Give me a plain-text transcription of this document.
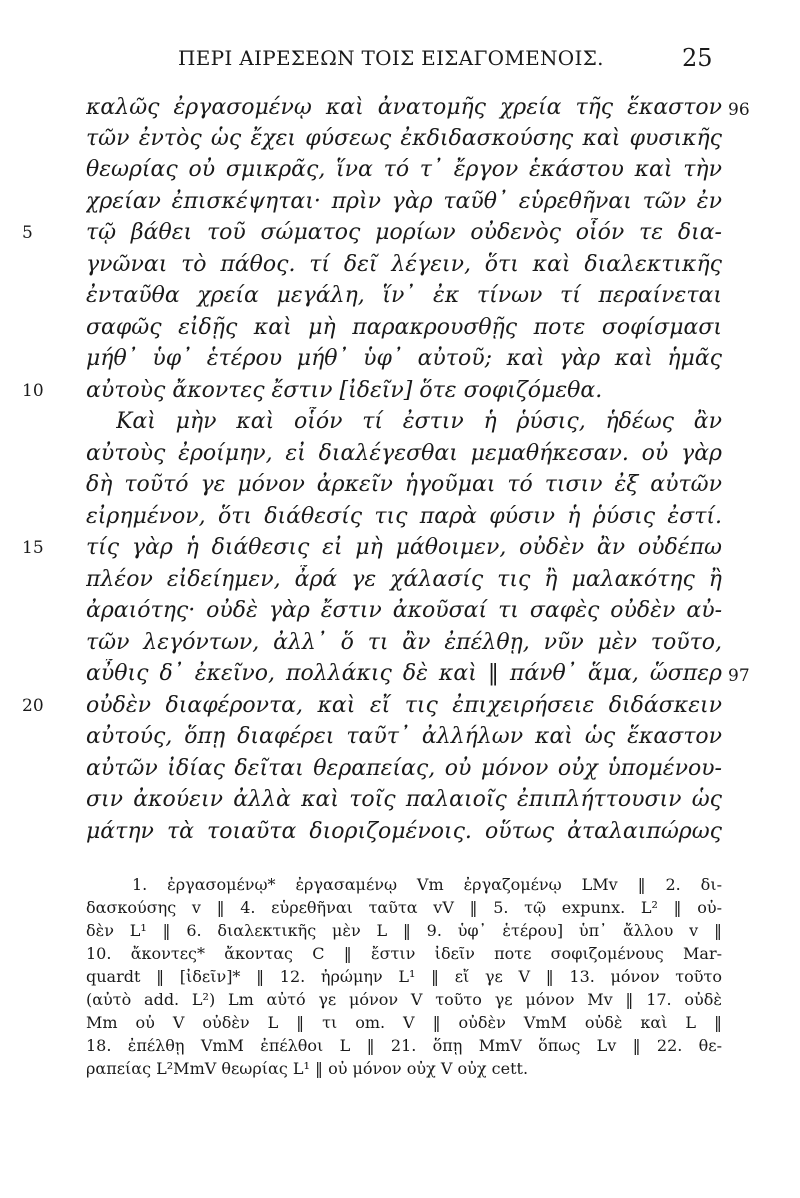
ΠΕΡΙ ΑΙΡΕΣΕΩΝ ΤΟΙΣ ΕΙΣΑΓΟΜΕΝΟΙΣ.	25
καλῶς ἐργασομένῳ καὶ ἀνατομῆς χρεία τῆς ἕκαστον
τῶν ἐντὸς ὡς ἔχει φύσεως ἐκδιδασκούσης καὶ φυσικῆς
θεωρίας οὐ σμικρᾶς, ἵνα τό τ᾽ ἔργον ἑκάστου καὶ τὴν
χρείαν ἐπισκέψηται· πρὶν γὰρ ταῦθ᾽ εὑρεθῆναι τῶν ἐν
τῷ βάθει τοῦ σώματος μορίων οὐδενὸς οἷόν τε δια-
γνῶναι τὸ πάθος. τί δεῖ λέγειν, ὅτι καὶ διαλεκτικῆς
ἐνταῦθα χρεία μεγάλη, ἵν᾽ ἐκ τίνων τί περαίνεται
σαφῶς εἰδῇς καὶ μὴ παρακρουσθῇς ποτε σοφίσμασι
μήθ᾽ ὑφ᾽ ἑτέρου μήθ᾽ ὑφ᾽ αὐτοῦ; καὶ γὰρ καὶ ἡμᾶς
αὐτοὺς ἄκοντες ἔστιν [ἰδεῖν] ὅτε σοφιζόμεθα.
Καὶ μὴν καὶ οἷόν τί ἐστιν ἡ ῥύσις, ἡδέως ἂν
αὐτοὺς ἐροίμην, εἰ διαλέγεσθαι μεμαθήκεσαν. οὐ γὰρ
δὴ τοῦτό γε μόνον ἀρκεῖν ἡγοῦμαι τό τισιν ἐξ αὐτῶν
εἰρημένον, ὅτι διάθεσίς τις παρὰ φύσιν ἡ ῥύσις ἐστί.
τίς γὰρ ἡ διάθεσις εἰ μὴ μάθοιμεν, οὐδὲν ἂν οὐδέπω
πλέον εἰδείημεν, ἆρά γε χάλασίς τις ἢ μαλακότης ἢ
ἀραιότης· οὐδὲ γὰρ ἔστιν ἀκοῦσαί τι σαφὲς οὐδὲν αὐ-
τῶν λεγόντων, ἀλλ᾽ ὅ τι ἂν ἐπέλθῃ, νῦν μὲν τοῦτο,
αὖθις δ᾽ ἐκεῖνο, πολλάκις δὲ καὶ ‖ πάνθ᾽ ἅμα, ὥσπερ
οὐδὲν διαφέροντα, καὶ εἴ τις ἐπιχειρήσειε διδάσκειν
αὐτούς, ὅπῃ διαφέρει ταῦτ᾽ ἀλλήλων καὶ ὡς ἕκαστον
αὐτῶν ἰδίας δεῖται θεραπείας, οὐ μόνον οὐχ ὑπομένου-
σιν ἀκούειν ἀλλὰ καὶ τοῖς παλαιοῖς ἐπιπλήττουσιν ὡς
μάτην τὰ τοιαῦτα διοριζομένοις. οὕτως ἀταλαιπώρως
5
10
15
20
96
97
1. ἐργασομένῳ* ἐργασαμένῳ Vm ἐργαζομένῳ LMv ‖ 2. δι-
δασκούσης v ‖ 4. εὑρεθῆναι ταῦτα vV ‖ 5. τῷ expunx. L² ‖ οὐ-
δὲν L¹ ‖ 6. διαλεκτικῆς μὲν L ‖ 9. ὑφ᾽ ἑτέρου] ὑπ᾽ ἄλλου v ‖
10. ἄκοντες* ἄκοντας C ‖ ἔστιν ἰδεῖν ποτε σοφιζομένους Mar-
quardt ‖ [ἰδεῖν]* ‖ 12. ἠρώμην L¹ ‖ εἴ γε V ‖ 13. μόνον τοῦτο
(αὐτὸ add. L²) Lm αὐτό γε μόνον V τοῦτο γε μόνον Mv ‖ 17. οὐδὲ
Mm οὐ V οὐδὲν L ‖ τι om. V ‖ οὐδὲν VmM οὐδὲ καὶ L ‖
18. ἐπέλθῃ VmM ἐπέλθοι L ‖ 21. ὅπῃ MmV ὅπως Lv ‖ 22. θε-
ραπείας L²MmV θεωρίας L¹ ‖ οὐ μόνον οὐχ V οὐχ cett.
